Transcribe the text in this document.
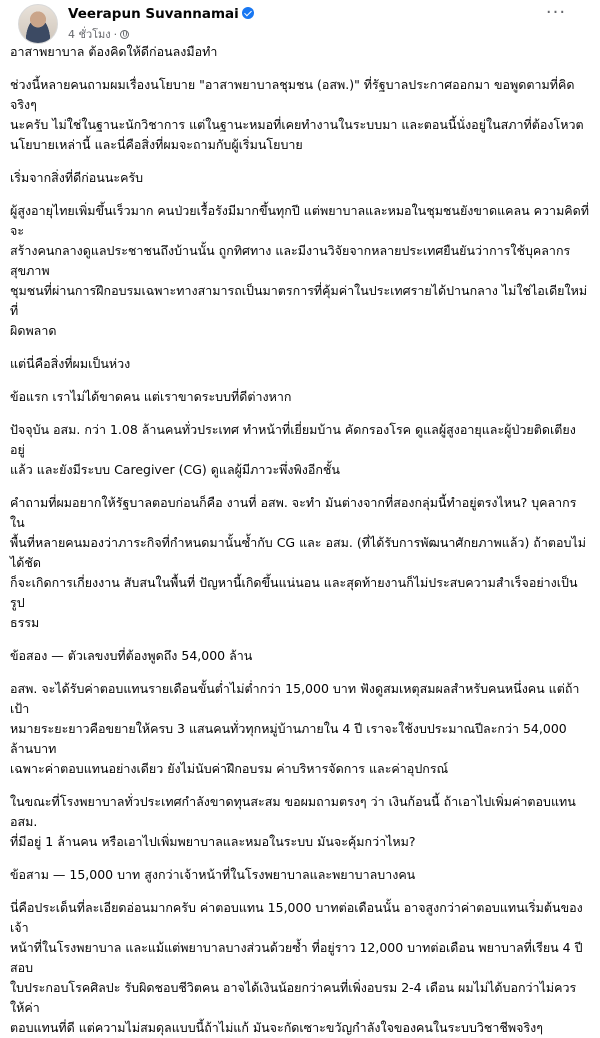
Veerapun Suvannamai
4 ชั่วโมง ·
···

อาสาพยาบาล ต้องคิดให้ดีก่อนลงมือทำ

ช่วงนี้หลายคนถามผมเรื่องนโยบาย "อาสาพยาบาลชุมชน (อสพ.)" ที่รัฐบาลประกาศออกมา ขอพูดตามที่คิดจริงๆ
นะครับ ไม่ใช่ในฐานะนักวิชาการ แต่ในฐานะหมอที่เคยทำงานในระบบมา และตอนนี้นั่งอยู่ในสภาที่ต้องโหวต
นโยบายเหล่านี้ และนี่คือสิ่งที่ผมจะถามกับผู้เริ่มนโยบาย

เริ่มจากสิ่งที่ดีก่อนนะครับ

ผู้สูงอายุไทยเพิ่มขึ้นเร็วมาก คนป่วยเรื้อรังมีมากขึ้นทุกปี แต่พยาบาลและหมอในชุมชนยังขาดแคลน ความคิดที่จะ
สร้างคนกลางดูแลประชาชนถึงบ้านนั้น ถูกทิศทาง และมีงานวิจัยจากหลายประเทศยืนยันว่าการใช้บุคลากรสุขภาพ
ชุมชนที่ผ่านการฝึกอบรมเฉพาะทางสามารถเป็นมาตรการที่คุ้มค่าในประเทศรายได้ปานกลาง ไม่ใช่ไอเดียใหม่ที่
ผิดพลาด

แต่นี่คือสิ่งที่ผมเป็นห่วง

ข้อแรก เราไม่ได้ขาดคน แต่เราขาดระบบที่ดีต่างหาก

ปัจจุบัน อสม. กว่า 1.08 ล้านคนทั่วประเทศ ทำหน้าที่เยี่ยมบ้าน คัดกรองโรค ดูแลผู้สูงอายุและผู้ป่วยติดเตียงอยู่
แล้ว และยังมีระบบ Caregiver (CG) ดูแลผู้มีภาวะพึ่งพิงอีกชั้น

คำถามที่ผมอยากให้รัฐบาลตอบก่อนก็คือ งานที่ อสพ. จะทำ มันต่างจากที่สองกลุ่มนี้ทำอยู่ตรงไหน? บุคลากรใน
พื้นที่หลายคนมองว่าภาระกิจที่กำหนดมานั้นซ้ำกับ CG และ อสม. (ที่ได้รับการพัฒนาศักยภาพแล้ว) ถ้าตอบไม่ได้ชัด
ก็จะเกิดการเกี่ยงงาน สับสนในพื้นที่ ปัญหานี้เกิดขึ้นแน่นอน และสุดท้ายงานก็ไม่ประสบความสำเร็จอย่างเป็นรูป
ธรรม

ข้อสอง — ตัวเลขงบที่ต้องพูดถึง 54,000 ล้าน

อสพ. จะได้รับค่าตอบแทนรายเดือนขั้นต่ำไม่ต่ำกว่า 15,000 บาท ฟังดูสมเหตุสมผลสำหรับคนหนึ่งคน แต่ถ้าเป้า
หมายระยะยาวคือขยายให้ครบ 3 แสนคนทั่วทุกหมู่บ้านภายใน 4 ปี เราจะใช้งบประมาณปีละกว่า 54,000 ล้านบาท
เฉพาะค่าตอบแทนอย่างเดียว ยังไม่นับค่าฝึกอบรม ค่าบริหารจัดการ และค่าอุปกรณ์

ในขณะที่โรงพยาบาลทั่วประเทศกำลังขาดทุนสะสม ขอผมถามตรงๆ ว่า เงินก้อนนี้ ถ้าเอาไปเพิ่มค่าตอบแทน อสม.
ที่มีอยู่ 1 ล้านคน หรือเอาไปเพิ่มพยาบาลและหมอในระบบ มันจะคุ้มกว่าไหม?

ข้อสาม — 15,000 บาท สูงกว่าเจ้าหน้าที่ในโรงพยาบาลและพยาบาลบางคน

นี่คือประเด็นที่ละเอียดอ่อนมากครับ ค่าตอบแทน 15,000 บาทต่อเดือนนั้น อาจสูงกว่าค่าตอบแทนเริ่มต้นของเจ้า
หน้าที่ในโรงพยาบาล และแม้แต่พยาบาลบางส่วนด้วยซ้ำ ที่อยู่ราว 12,000 บาทต่อเดือน พยาบาลที่เรียน 4 ปี สอบ
ใบประกอบโรคศิลปะ รับผิดชอบชีวิตคน อาจได้เงินน้อยกว่าคนที่เพิ่งอบรม 2-4 เดือน ผมไม่ได้บอกว่าไม่ควรให้ค่า
ตอบแทนที่ดี แต่ความไม่สมดุลแบบนี้ถ้าไม่แก้ มันจะกัดเซาะขวัญกำลังใจของคนในระบบวิชาชีพจริงๆ
